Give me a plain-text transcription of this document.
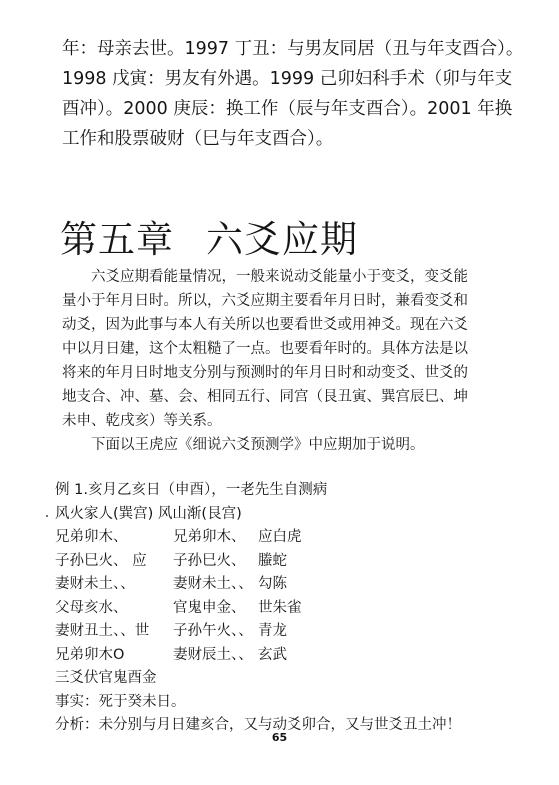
年：母亲去世。1997 丁丑：与男友同居（丑与年支酉合）。
1998 戊寅：男友有外遇。1999 己卯妇科手术（卯与年支
酉冲）。2000 庚辰：换工作（辰与年支酉合）。2001 年换
工作和股票破财（巳与年支酉合）。
第五章 六爻应期
六爻应期看能量情况，一般来说动爻能量小于变爻，变爻能
量小于年月日时。所以，六爻应期主要看年月日时，兼看变爻和
动爻，因为此事与本人有关所以也要看世爻或用神爻。现在六爻
中以月日建，这个太粗糙了一点。也要看年时的。具体方法是以
将来的年月日时地支分别与预测时的年月日时和动变爻、世爻的
地支合、冲、墓、会、相同五行、同宫（艮丑寅、巽宫辰巳、坤
未申、乾戌亥）等关系。
下面以王虎应《细说六爻预测学》中应期加于说明。
例 1.亥月乙亥日（申酉），一老先生自测病
风火家人(巽宫) 风山渐(艮宫)
兄弟卯木、	兄弟卯木、 应白虎
子孙巳火、 应 子孙巳火、 螣蛇
妻财未土、、	妻财未土、、 勾陈
父母亥水、	官鬼申金、 世朱雀
妻财丑土、、世 子孙午火、、 青龙
兄弟卯木O	妻财辰土、、 玄武
三爻伏官鬼酉金
事实：死于癸未日。
分析：未分别与月日建亥合，又与动爻卯合，又与世爻丑土冲！
65
